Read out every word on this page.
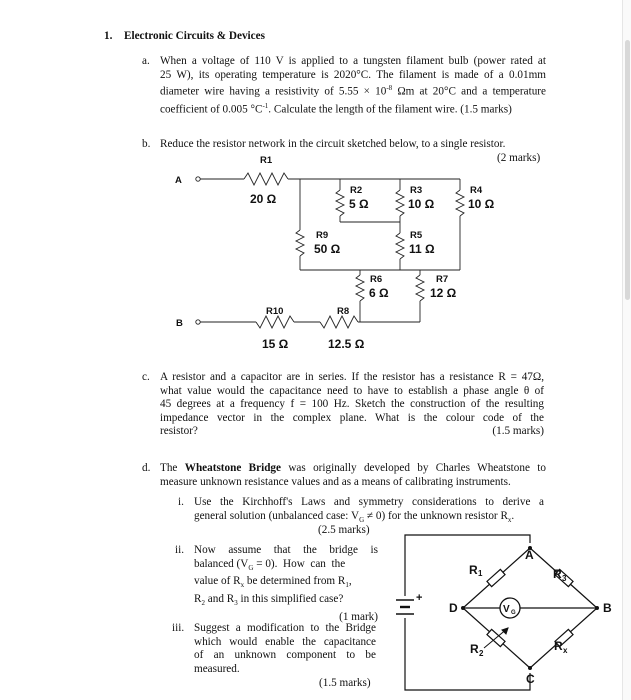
1. Electronic Circuits & Devices
a. When a voltage of 110 V is applied to a tungsten filament bulb (power rated at
25 W), its operating temperature is 2020°C. The filament is made of a 0.01mm
diameter wire having a resistivity of $5.55 \times 10^{-8}$ Ωm at 20°C and a temperature
coefficient of 0.005 $^\circ C^{-1}$. Calculate the length of the filament wire. (1.5 marks)
b. Reduce the resistor network in the circuit sketched below, to a single resistor.
(2 marks)
A
B
R1
R2	R3	R4
R5
R6	R7
R8
R9
R10
20 Ω	5 Ω	10 Ω	10 Ω
11 Ω
6 Ω	12 Ω
12.5 Ω
50 Ω
15 Ω
c. A resistor and a capacitor are in series. If the resistor has a resistance R = 47Ω,
what value would the capacitance need to have to establish a phase angle θ of
45 degrees at a frequency f = 100 Hz. Sketch the construction of the resulting
impedance vector in the complex plane. What is the colour code of the
resistor?	(1.5 marks)
d. The Wheatstone Bridge was originally developed by Charles Wheatstone to
measure unknown resistance values and as a means of calibrating instruments.
i. Use the Kirchhoff's Laws and symmetry considerations to derive a
general solution (unbalanced case: $V_G \ne 0$) for the unknown resistor $R_x$.
(2.5 marks)
ii. Now  assume  that  the  bridge  is
balanced $(V_G = 0)$.  How  can  the
value of $R_x$ be determined from $R_1$,
$R_2$ and $R_3$ in this simplified case?
(1 mark)
iii. Suggest a modification to the Bridge
which would enable the capacitance
of  an  unknown  component  to  be
measured.
(1.5 marks)
V G
A
D	B
C
R	R
R	R
+
1
3
2	x
